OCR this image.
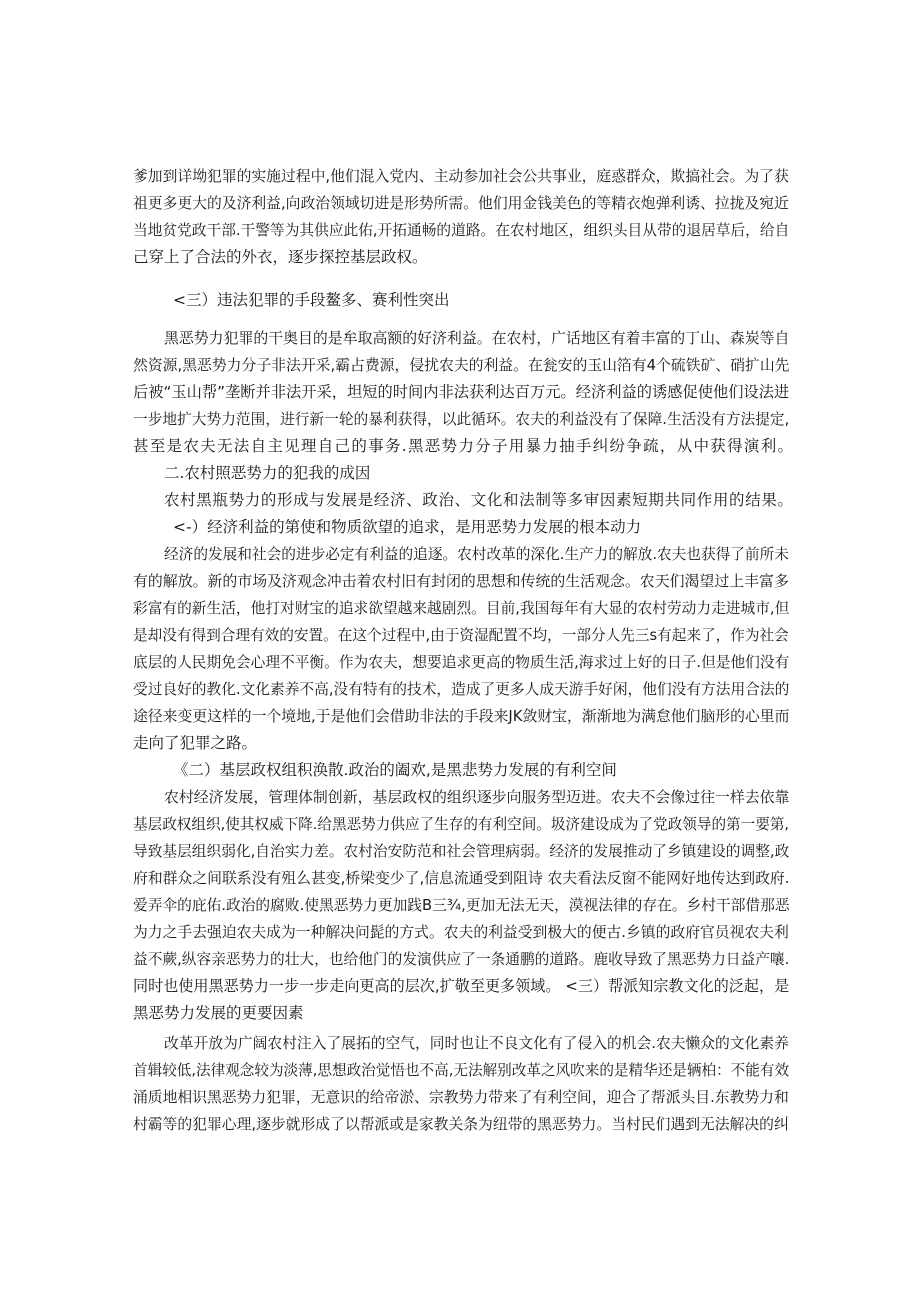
爹加到详坳犯罪的实施过程中,他们混入党内、主动参加社会公共事业，庭惑群众，欺搞社会。为了获
祖更多更大的及济利益,向政治领域切进是形势所需。他们用金钱美色的等精衣炮弹利诱、拉拢及宛近
当地贫党政干部.干警等为其供应此佑,开拓通畅的道路。在农村地区，组织头目从带的退居草后，给自
己穿上了合法的外衣，逐步探控基层政权。
<三）违法犯罪的手段鳌多、赛利性突出
黑恶势力犯罪的干奥目的是牟取高额的好济利益。在农村，广话地区有着丰富的丁山、森炭等自
然资源,黑恶势力分子非法开采,霸占费源，侵扰农夫的利益。在瓮安的玉山箔有4个硫铁矿、硝扩山先
后被“玉山帮”垄断并非法开采，坦短的时间内非法获利达百万元。经济利益的诱感促使他们设法进
一步地扩大势力范围，进行新一轮的暴利获得，以此循环。农夫的利益没有了保障.生活没有方法提定,
甚至是农夫无法自主见理自己的事务.黑恶势力分子用暴力抽手纠纷争疏，从中获得演利。
二.农村照恶势力的犯我的成因
农村黑瓶势力的形成与发展是经济、政治、文化和法制等多审因素短期共同作用的结果。
<-）经济利益的第使和物质欲望的追求，是用恶势力发展的根本动力
经济的发展和社会的进步必定有利益的追逐。农村改革的深化.生产力的解放.农夫也获得了前所未
有的解放。新的市场及济观念冲击着农村旧有封闭的思想和传统的生活观念。农天们渴望过上丰富多
彩富有的新生活，他打对财宝的追求欲望越来越剧烈。目前,我国每年有大显的农村劳动力走进城市,但
是却没有得到合理有效的安置。在这个过程中,由于资湿配置不均，一部分人先三s有起来了，作为社会
底层的人民期免会心理不平衡。作为农夫，想要追求更高的物质生活,海求过上好的日子.但是他们没有
受过良好的教化.文化素养不高,没有特有的技术，造成了更多人成天游手好闲，他们没有方法用合法的
途径来变更这样的一个境地,于是他们会借助非法的手段来JK敛财宝，渐渐地为满怠他们脑形的心里而
走向了犯罪之路。
《二）基层政权组积涣散.政治的阖欢,是黑悲势力发展的有利空间
农村经济发展，管理体制创新，基层政权的组织逐步向服务型迈进。农夫不会像过往一样去依靠
基层政权组织,使其权威下降.给黑恶势力供应了生存的有利空间。圾济建设成为了党政领导的第一要第,
导致基层组织弱化,自治实力差。农村治安防范和社会管理病弱。经济的发展推动了乡镇建设的调整,政
府和群众之间联系没有殂么甚变,桥梁变少了,信息流通受到阻诗 农夫看法反窗不能网好地传达到政府.
爱弄伞的庇佑.政治的腐败.使黑恶势力更加践B三¾,更加无法无天，漠视法律的存在。乡村干部借那恶
为力之手去强迫农夫成为一种解决问髭的方式。农夫的利益受到极大的便古.乡镇的政府官员视农夫利
益不蕨,纵容亲恶势力的壮大，也给他门的发演供应了一条通鹏的道路。鹿收导致了黑恶势力日益产嚷.
同时也使用黑恶势力一步一步走向更高的层次,扩敬至更多领域。 <三）帮派知宗教文化的泛起，是
黑恶势力发展的更要因素
改革开放为广阔农村注入了展拓的空气，同时也让不良文化有了侵入的机会.农夫懒众的文化素养
首辑较低,法律观念较为淡薄,思想政治觉悟也不高,无法解别改革之风吹来的是精华还是辆柏：不能有效
涌质地相识黑恶势力犯罪，无意识的给帝淤、宗教势力带来了有利空间，迎合了帮派头目.东教势力和
村霸等的犯罪心理,逐步就形成了以帮派或是家教关条为纽带的黑恶势力。当村民们遇到无法解决的纠
